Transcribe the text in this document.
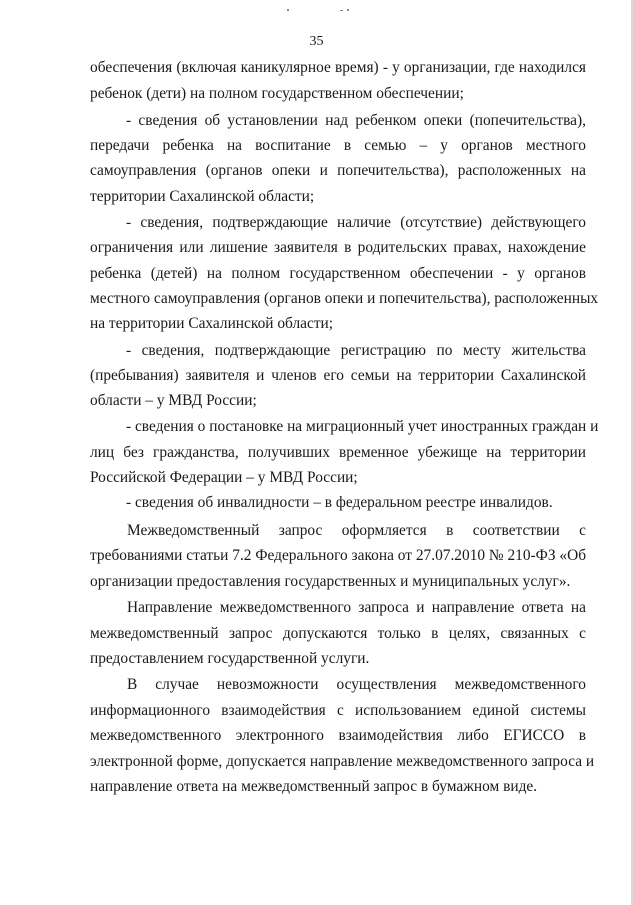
35
обеспечения (включая каникулярное время) - у организации, где находился
ребенок (дети) на полном государственном обеспечении;
- сведения об установлении над ребенком опеки (попечительства),
передачи ребенка на воспитание в семью – у органов местного
самоуправления (органов опеки и попечительства), расположенных на
территории Сахалинской области;
- сведения, подтверждающие наличие (отсутствие) действующего
ограничения или лишение заявителя в родительских правах, нахождение
ребенка (детей) на полном государственном обеспечении - у органов
местного самоуправления (органов опеки и попечительства), расположенных
на территории Сахалинской области;
- сведения, подтверждающие регистрацию по месту жительства
(пребывания) заявителя и членов его семьи на территории Сахалинской
области – у МВД России;
- сведения о постановке на миграционный учет иностранных граждан и
лиц без гражданства, получивших временное убежище на территории
Российской Федерации – у МВД России;
- сведения об инвалидности – в федеральном реестре инвалидов.
Межведомственный запрос оформляется в соответствии с
требованиями статьи 7.2 Федерального закона от 27.07.2010 № 210-ФЗ «Об
организации предоставления государственных и муниципальных услуг».
Направление межведомственного запроса и направление ответа на
межведомственный запрос допускаются только в целях, связанных с
предоставлением государственной услуги.
В случае невозможности осуществления межведомственного
информационного взаимодействия с использованием единой системы
межведомственного электронного взаимодействия либо ЕГИССО в
электронной форме, допускается направление межведомственного запроса и
направление ответа на межведомственный запрос в бумажном виде.
